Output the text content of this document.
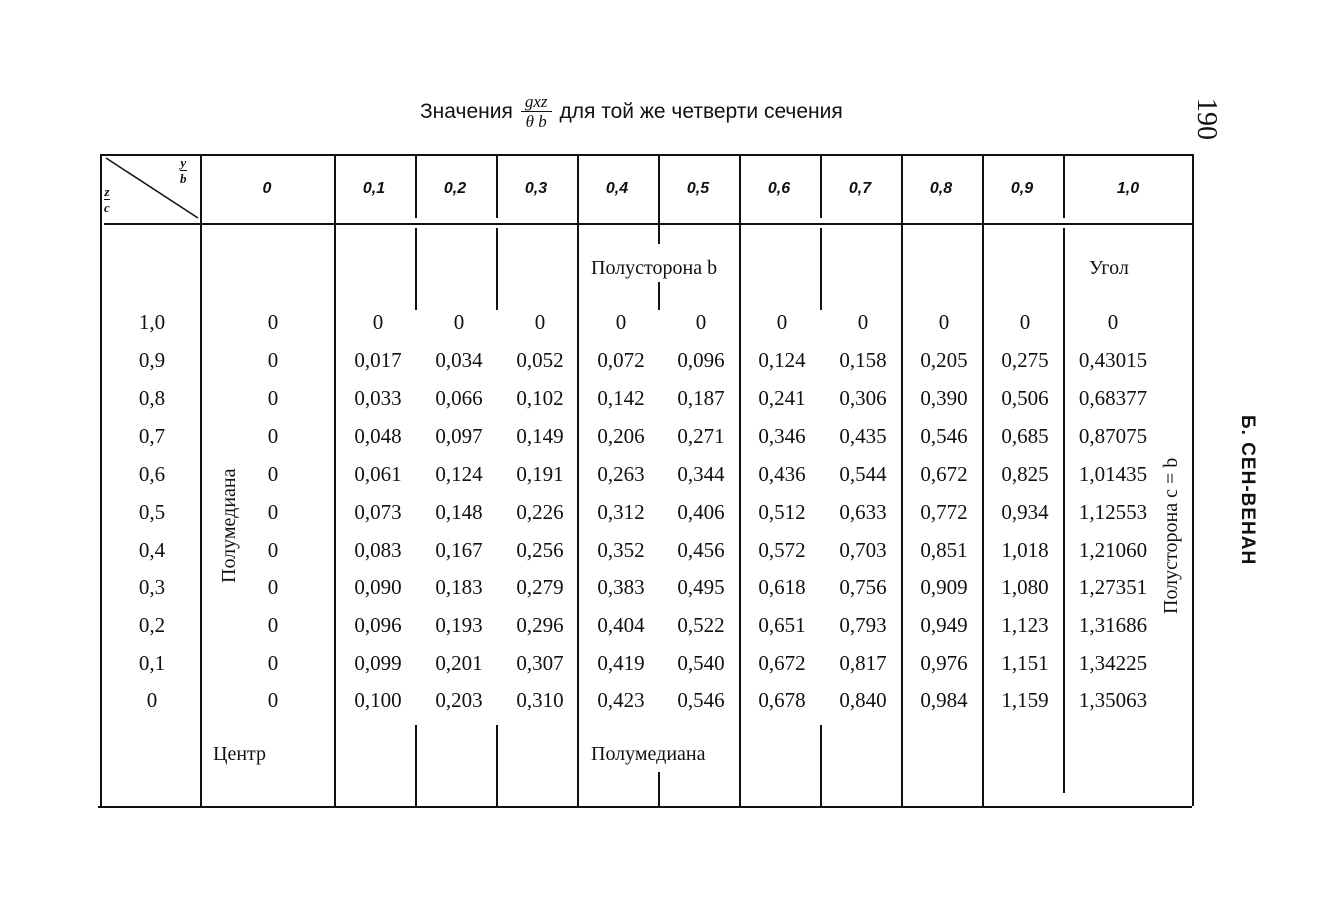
Значения $\frac{\text{gxz}}{\text{θ b}}$ для той же четверти сечения	190
Б. СЕН-ВЕНАН
$\frac{y}{b}$
$\frac{z}{c}$	0	0,1	0,2	0,3	0,4	0,5	0,6	0,7	0,8	0,9	1,0
Полусторона b	Угол
Центр	Полумедиана
Полумедиана	Полусторона c = b
1,0	0	0	0	0	0	0	0	0	0	0	0
0,9	0	0,017	0,034	0,052	0,072	0,096	0,124	0,158	0,205	0,275	0,43015
0,8	0	0,033	0,066	0,102	0,142	0,187	0,241	0,306	0,390	0,506	0,68377
0,7	0	0,048	0,097	0,149	0,206	0,271	0,346	0,435	0,546	0,685	0,87075
0,6	0	0,061	0,124	0,191	0,263	0,344	0,436	0,544	0,672	0,825	1,01435
0,5	0	0,073	0,148	0,226	0,312	0,406	0,512	0,633	0,772	0,934	1,12553
0,4	0	0,083	0,167	0,256	0,352	0,456	0,572	0,703	0,851	1,018	1,21060
0,3	0	0,090	0,183	0,279	0,383	0,495	0,618	0,756	0,909	1,080	1,27351
0,2	0	0,096	0,193	0,296	0,404	0,522	0,651	0,793	0,949	1,123	1,31686
0,1	0	0,099	0,201	0,307	0,419	0,540	0,672	0,817	0,976	1,151	1,34225
0	0	0,100	0,203	0,310	0,423	0,546	0,678	0,840	0,984	1,159	1,35063
